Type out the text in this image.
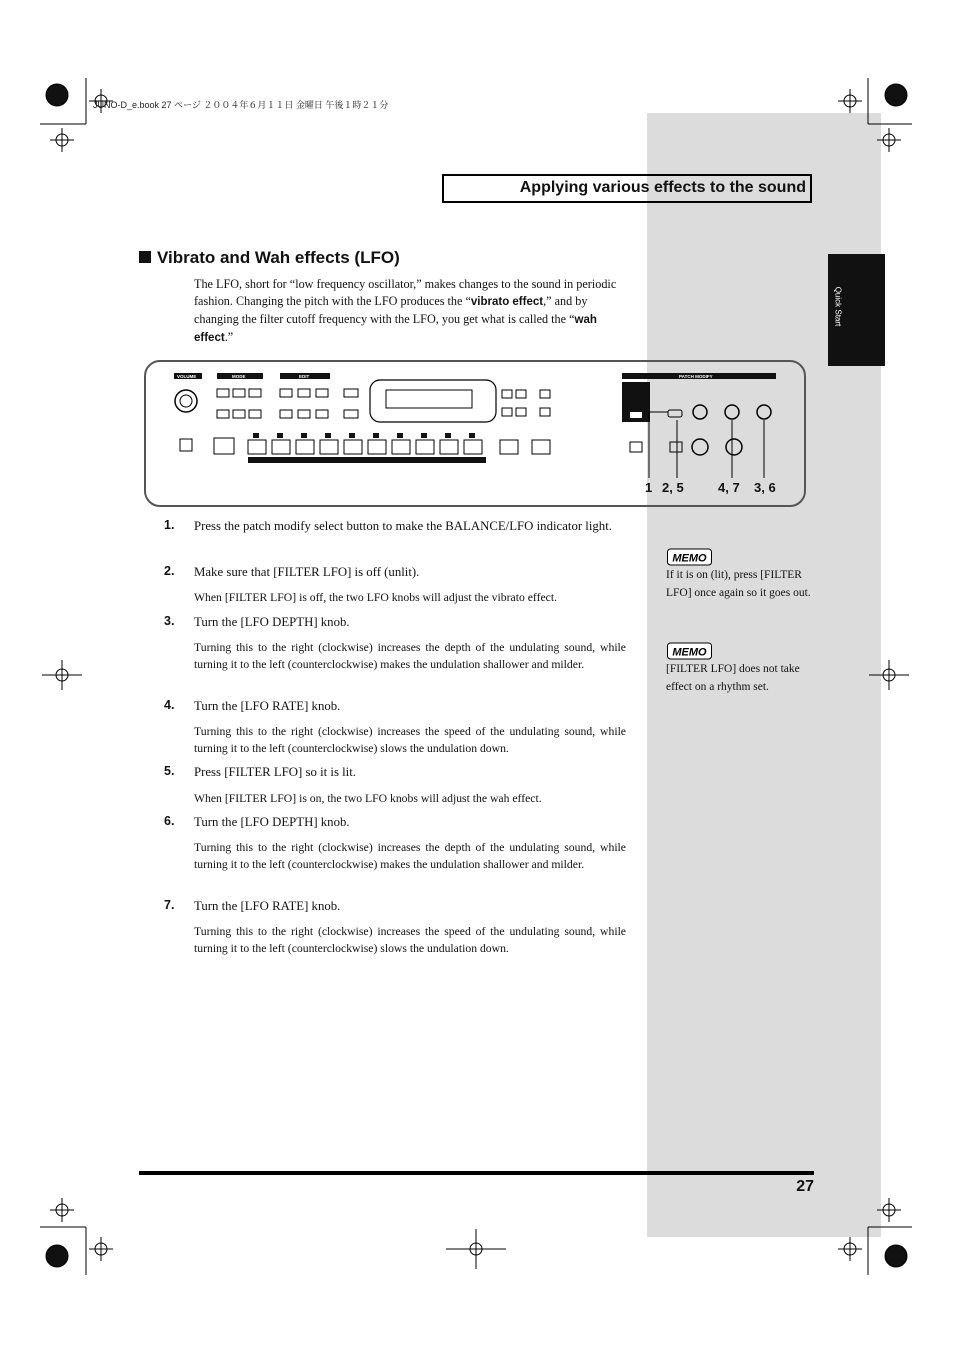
Quick Start
JUNO-D_e.book 27 ページ ２００４年６月１１日 金曜日 午後１時２１分
Applying various effects to the sound
Vibrato and Wah effects (LFO)
The LFO, short for “low frequency oscillator,” makes changes to the sound in periodic fashion. Changing the pitch with the LFO produces the “vibrato effect,” and by changing the filter cutoff frequency with the LFO, you get what is called the “wah effect.”
VOLUME	MODE	EDIT	PATCH MODIFY
1 2, 5	4, 7 3, 6
1. Press the patch modify select button to make the BALANCE/LFO indicator light.
2. Make sure that [FILTER LFO] is off (unlit).
When [FILTER LFO] is off, the two LFO knobs will adjust the vibrato effect.
3. Turn the [LFO DEPTH] knob.
Turning this to the right (clockwise) increases the depth of the undulating sound, while turning it to the left (counterclockwise) makes the undulation shallower and milder.
4. Turn the [LFO RATE] knob.
Turning this to the right (clockwise) increases the speed of the undulating sound, while turning it to the left (counterclockwise) slows the undulation down.
5. Press [FILTER LFO] so it is lit.
When [FILTER LFO] is on, the two LFO knobs will adjust the wah effect.
6. Turn the [LFO DEPTH] knob.
Turning this to the right (clockwise) increases the depth of the undulating sound, while turning it to the left (counterclockwise) makes the undulation shallower and milder.
7. Turn the [LFO RATE] knob.
Turning this to the right (clockwise) increases the speed of the undulating sound, while turning it to the left (counterclockwise) slows the undulation down.
MEMO
If it is on (lit), press [FILTER LFO] once again so it goes out.
MEMO
[FILTER LFO] does not take effect on a rhythm set.
27
